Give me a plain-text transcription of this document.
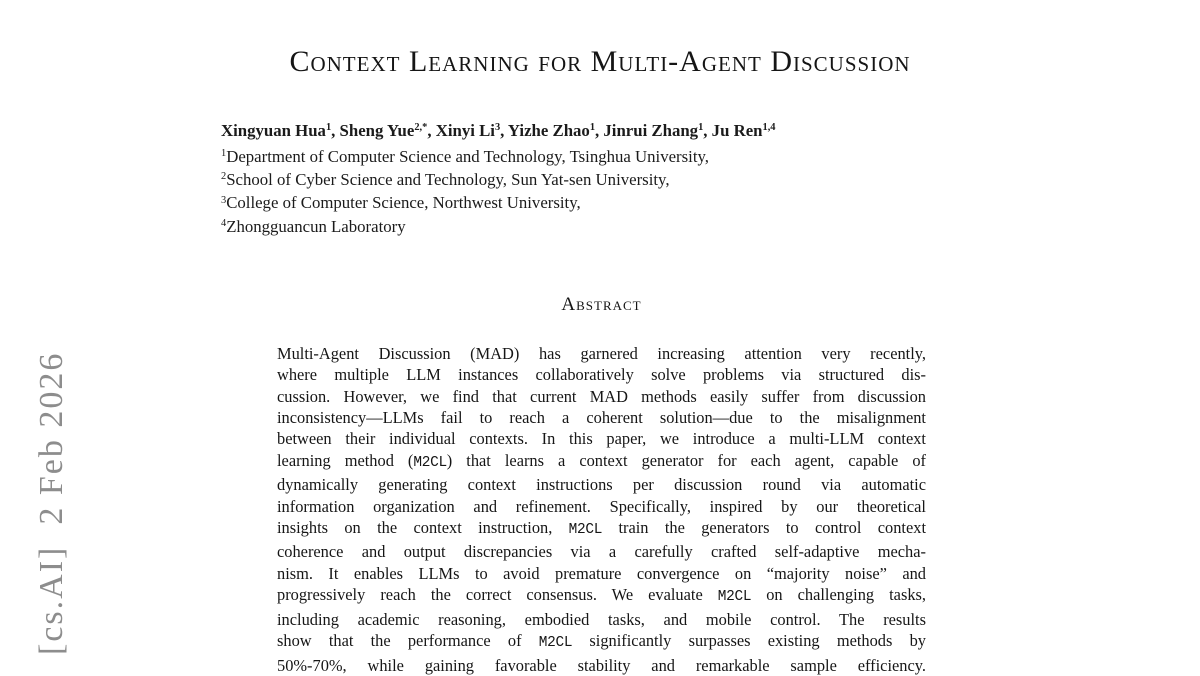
[cs.AI]  2 Feb 2026
Context Learning for Multi-Agent Discussion
Xingyuan Hua$^1$, Sheng Yue$^{2,*}$, Xinyi Li$^3$, Yizhe Zhao$^1$, Jinrui Zhang$^1$, Ju Ren$^{1,4}$
$^1$Department of Computer Science and Technology, Tsinghua University,
$^2$School of Cyber Science and Technology, Sun Yat-sen University,
$^3$College of Computer Science, Northwest University,
$^4$Zhongguancun Laboratory
Abstract
Multi-Agent Discussion (MAD) has garnered increasing attention very recently,
where multiple LLM instances collaboratively solve problems via structured dis-
cussion. However, we find that current MAD methods easily suffer from discussion
inconsistency—LLMs fail to reach a coherent solution—due to the misalignment
between their individual contexts. In this paper, we introduce a multi-LLM context
learning method (M2CL) that learns a context generator for each agent, capable of
dynamically generating context instructions per discussion round via automatic
information organization and refinement. Specifically, inspired by our theoretical
insights on the context instruction, M2CL train the generators to control context
coherence and output discrepancies via a carefully crafted self-adaptive mecha-
nism. It enables LLMs to avoid premature convergence on “majority noise” and
progressively reach the correct consensus. We evaluate M2CL on challenging tasks,
including academic reasoning, embodied tasks, and mobile control. The results
show that the performance of M2CL significantly surpasses existing methods by
50%-70%, while gaining favorable stability and remarkable sample efficiency.
